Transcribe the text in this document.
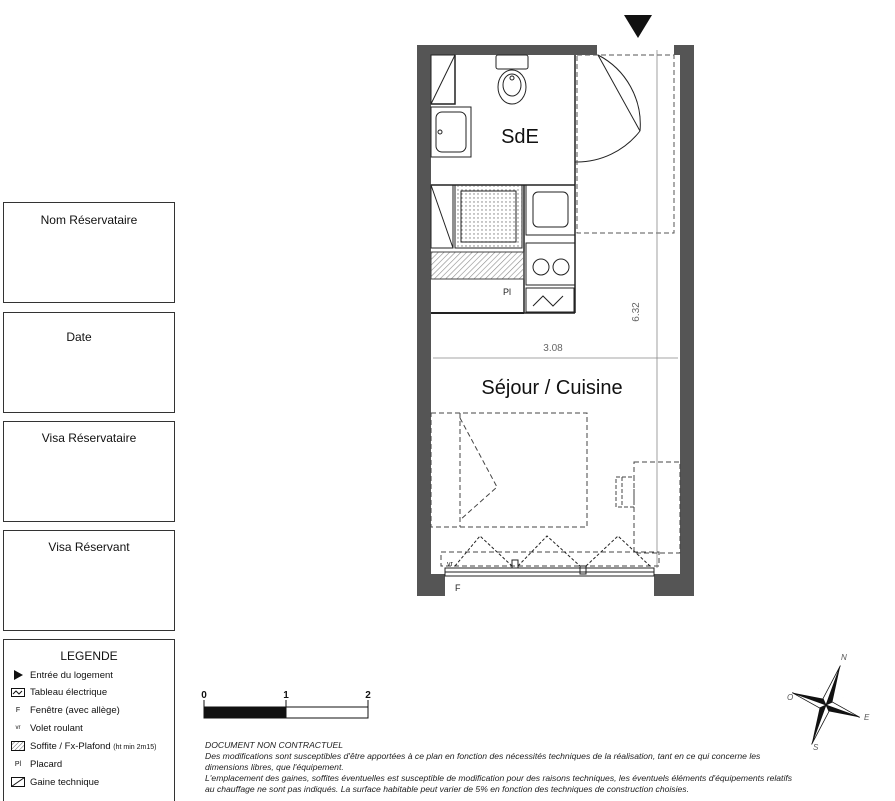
Nom Réservataire
Date
Visa Réservataire
Visa Réservant
LEGENDE
Entrée du logement
Tableau électrique
F	Fenêtre (avec allège)
vr	Volet roulant
Soffite / Fx-Plafond (ht min 2m15)
Pl Placard
Gaine technique
Pl
3.08
6.32
SdE
Séjour / Cuisine
vr
F
0	1	2
N
E
S
O
DOCUMENT NON CONTRACTUEL
Des modifications sont susceptibles d'être apportées à ce plan en fonction des nécessités techniques de la réalisation, tant en ce qui concerne les
dimensions libres, que l'équipement.
L'emplacement des gaines, soffites éventuelles est susceptible de modification pour des raisons techniques, les éventuels éléments d'équipements relatifs
au chauffage ne sont pas indiqués. La surface habitable peut varier de 5% en fonction des techniques de construction choisies.
